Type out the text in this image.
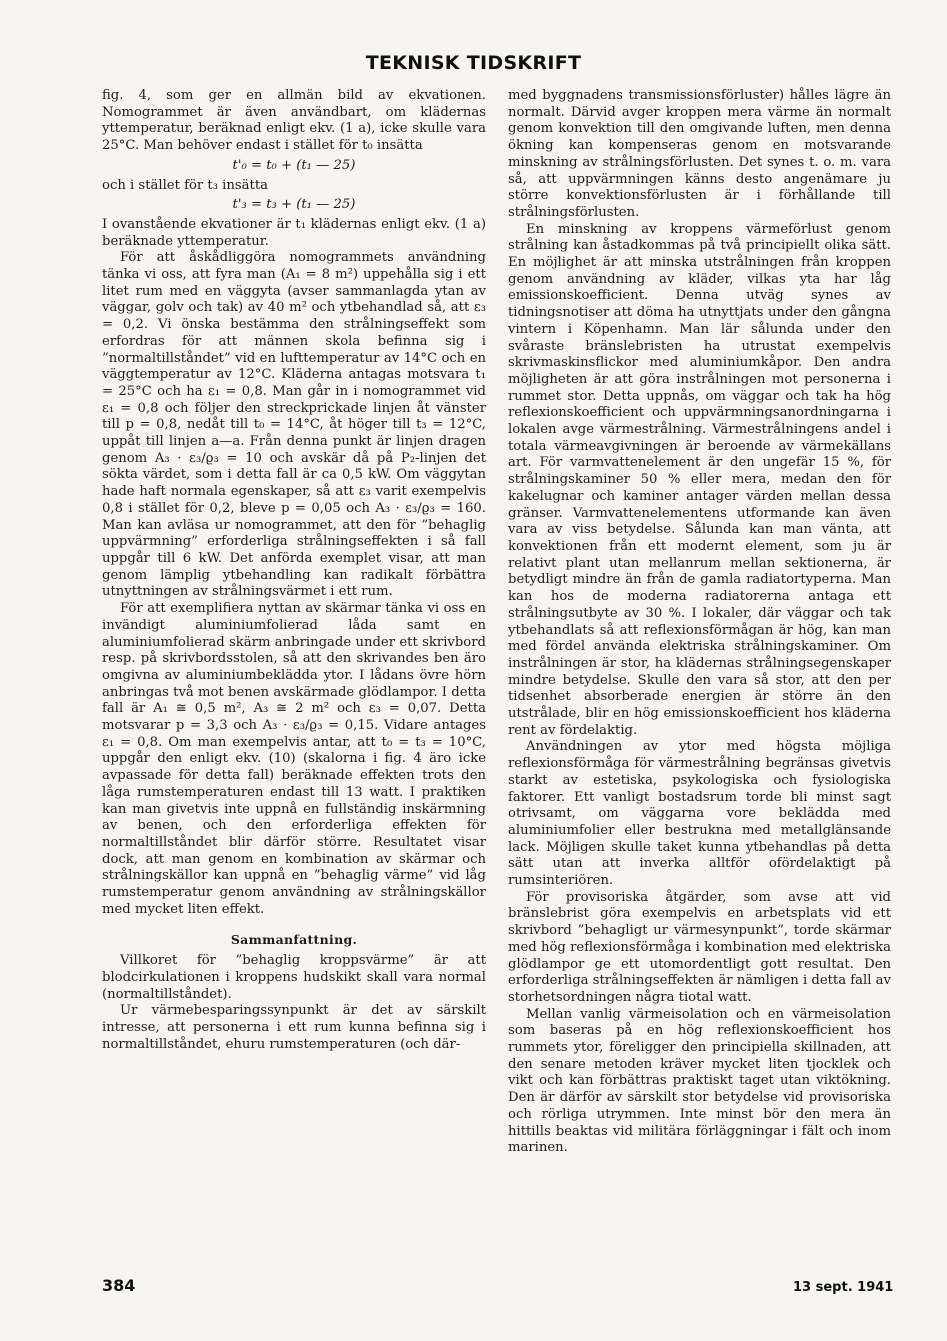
TEKNISK TIDSKRIFT

fig. 4, som ger en allmän bild av ekvationen. Nomogrammet är även användbart, om klädernas yttemperatur, beräknad enligt ekv. (1 a), icke skulle vara 25°C. Man behöver endast i stället för t₀ insätta

t'₀ = t₀ + (t₁ — 25)

och i stället för t₃ insätta

t'₃ = t₃ + (t₁ — 25)

I ovanstående ekvationer är t₁ klädernas enligt ekv. (1 a) beräknade yttemperatur.

För att åskådliggöra nomogrammets användning tänka vi oss, att fyra man (A₁ = 8 m²) uppehålla sig i ett litet rum med en väggyta (avser sammanlagda ytan av väggar, golv och tak) av 40 m² och ytbehandlad så, att ε₃ = 0,2. Vi önska bestämma den strålningseffekt som erfordras för att männen skola befinna sig i ”normaltillståndet” vid en lufttemperatur av 14°C och en väggtemperatur av 12°C. Kläderna antagas motsvara t₁ = 25°C och ha ε₁ = 0,8. Man går in i nomogrammet vid ε₁ = 0,8 och följer den streckprickade linjen åt vänster till p = 0,8, nedåt till t₀ = 14°C, åt höger till t₃ = 12°C, uppåt till linjen a—a. Från denna punkt är linjen dragen genom A₃ · ε₃/ϱ₃ = 10 och avskär då på P₂-linjen det sökta värdet, som i detta fall är ca 0,5 kW. Om väggytan hade haft normala egenskaper, så att ε₃ varit exempelvis 0,8 i stället för 0,2, bleve p = 0,05 och A₃ · ε₃/ϱ₃ = 160. Man kan avläsa ur nomogrammet, att den för ”behaglig uppvärmning” erforderliga strålningseffekten i så fall uppgår till 6 kW. Det anförda exemplet visar, att man genom lämplig ytbehandling kan radikalt förbättra utnyttningen av strålningsvärmet i ett rum.

För att exemplifiera nyttan av skärmar tänka vi oss en invändigt aluminiumfolierad låda samt en aluminiumfolierad skärm anbringade under ett skrivbord resp. på skrivbordsstolen, så att den skrivandes ben äro omgivna av aluminiumbeklädda ytor. I lådans övre hörn anbringas två mot benen avskärmade glödlampor. I detta fall är A₁ ≅ 0,5 m², A₃ ≅ 2 m² och ε₃ = 0,07. Detta motsvarar p = 3,3 och A₃ · ε₃/ϱ₃ = 0,15. Vidare antages ε₁ = 0,8. Om man exempelvis antar, att t₀ = t₃ = 10°C, uppgår den enligt ekv. (10) (skalorna i fig. 4 äro icke avpassade för detta fall) beräknade effekten trots den låga rumstemperaturen endast till 13 watt. I praktiken kan man givetvis inte uppnå en fullständig inskärmning av benen, och den erforderliga effekten för normaltillståndet blir därför större. Resultatet visar dock, att man genom en kombination av skärmar och strålningskällor kan uppnå en ”behaglig värme” vid låg rumstemperatur genom användning av strålningskällor med mycket liten effekt.

Sammanfattning.

Villkoret för ”behaglig kroppsvärme” är att blodcirkulationen i kroppens hudskikt skall vara normal (normaltillståndet).

Ur värmebesparingssynpunkt är det av särskilt intresse, att personerna i ett rum kunna befinna sig i normaltillståndet, ehuru rumstemperaturen (och där-

med byggnadens transmissionsförluster) hålles lägre än normalt. Därvid avger kroppen mera värme än normalt genom konvektion till den omgivande luften, men denna ökning kan kompenseras genom en motsvarande minskning av strålningsförlusten. Det synes t. o. m. vara så, att uppvärmningen känns desto angenämare ju större konvektionsförlusten är i förhållande till strålningsförlusten.

En minskning av kroppens värmeförlust genom strålning kan åstadkommas på två principiellt olika sätt. En möjlighet är att minska utstrålningen från kroppen genom användning av kläder, vilkas yta har låg emissionskoefficient. Denna utväg synes av tidningsnotiser att döma ha utnyttjats under den gångna vintern i Köpenhamn. Man lär sålunda under den svåraste bränslebristen ha utrustat exempelvis skrivmaskinsflickor med aluminiumkåpor. Den andra möjligheten är att göra instrålningen mot personerna i rummet stor. Detta uppnås, om väggar och tak ha hög reflexionskoefficient och uppvärmningsanordningarna i lokalen avge värmestrålning. Värmestrålningens andel i totala värmeavgivningen är beroende av värmekällans art. För varmvattenelement är den ungefär 15 %, för strålningskaminer 50 % eller mera, medan den för kakelugnar och kaminer antager värden mellan dessa gränser. Varmvattenelementens utformande kan även vara av viss betydelse. Sålunda kan man vänta, att konvektionen från ett modernt element, som ju är relativt plant utan mellanrum mellan sektionerna, är betydligt mindre än från de gamla radiatortyperna. Man kan hos de moderna radiatorerna antaga ett strålningsutbyte av 30 %. I lokaler, där väggar och tak ytbehandlats så att reflexionsförmågan är hög, kan man med fördel använda elektriska strålningskaminer. Om instrålningen är stor, ha klädernas strålningsegenskaper mindre betydelse. Skulle den vara så stor, att den per tidsenhet absorberade energien är större än den utstrålade, blir en hög emissionskoefficient hos kläderna rent av fördelaktig.

Användningen av ytor med högsta möjliga reflexionsförmåga för värmestrålning begränsas givetvis starkt av estetiska, psykologiska och fysiologiska faktorer. Ett vanligt bostadsrum torde bli minst sagt otrivsamt, om väggarna vore beklädda med aluminiumfolier eller bestrukna med metallglänsande lack. Möjligen skulle taket kunna ytbehandlas på detta sätt utan att inverka alltför ofördelaktigt på rumsinteriören.

För provisoriska åtgärder, som avse att vid bränslebrist göra exempelvis en arbetsplats vid ett skrivbord ”behagligt ur värmesynpunkt”, torde skärmar med hög reflexionsförmåga i kombination med elektriska glödlampor ge ett utomordentligt gott resultat. Den erforderliga strålningseffekten är nämligen i detta fall av storhetsordningen några tiotal watt.

Mellan vanlig värmeisolation och en värmeisolation som baseras på en hög reflexionskoefficient hos rummets ytor, föreligger den principiella skillnaden, att den senare metoden kräver mycket liten tjocklek och vikt och kan förbättras praktiskt taget utan viktökning. Den är därför av särskilt stor betydelse vid provisoriska och rörliga utrymmen. Inte minst bör den mera än hittills beaktas vid militära förläggningar i fält och inom marinen.

384	13 sept. 1941
